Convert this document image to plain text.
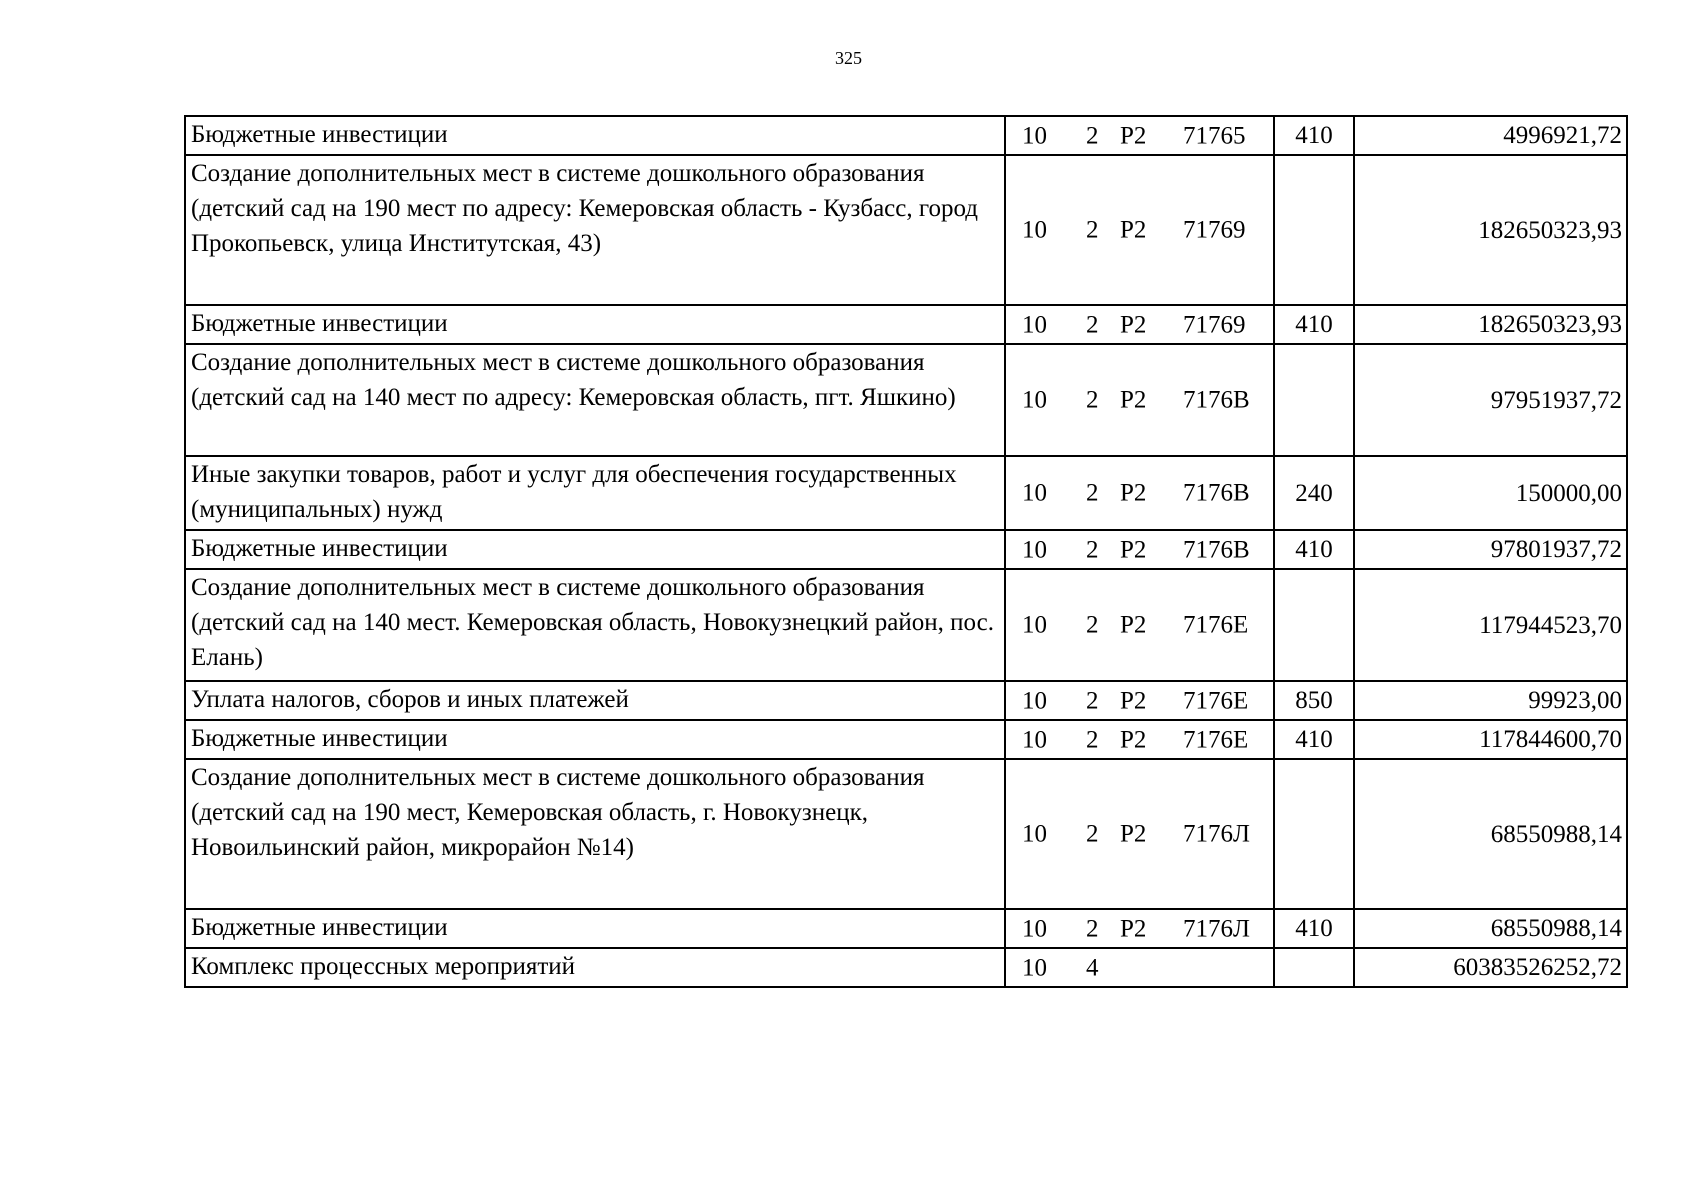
325
Бюджетные инвестиции	10 2 Р2 71765	410	4996921,72
Создание дополнительных мест в системе дошкольного образования (детский сад на 190 мест по адресу: Кемеровская область - Кузбасс, город Прокопьевск, улица Институтская, 43)	10 2 Р2 71769		182650323,93
Бюджетные инвестиции	10 2 Р2 71769	410	182650323,93
Создание дополнительных мест в системе дошкольного образования (детский сад на 140 мест по адресу: Кемеровская область, пгт. Яшкино)	10 2 Р2 7176В		97951937,72
Иные закупки товаров, работ и услуг для обеспечения государственных (муниципальных) нужд	10 2 Р2 7176В	240	150000,00
Бюджетные инвестиции	10 2 Р2 7176В	410	97801937,72
Создание дополнительных мест в системе дошкольного образования (детский сад на 140 мест. Кемеровская область, Новокузнецкий район, пос. Елань)	10 2 Р2 7176Е		117944523,70
Уплата налогов, сборов и иных платежей	10 2 Р2 7176Е	850	99923,00
Бюджетные инвестиции	10 2 Р2 7176Е	410	117844600,70
Создание дополнительных мест в системе дошкольного образования (детский сад на 190 мест, Кемеровская область, г. Новокузнецк, Новоильинский район, микрорайон №14)	10 2 Р2 7176Л		68550988,14
Бюджетные инвестиции	10 2 Р2 7176Л	410	68550988,14
Комплекс процессных мероприятий	10 4		60383526252,72
